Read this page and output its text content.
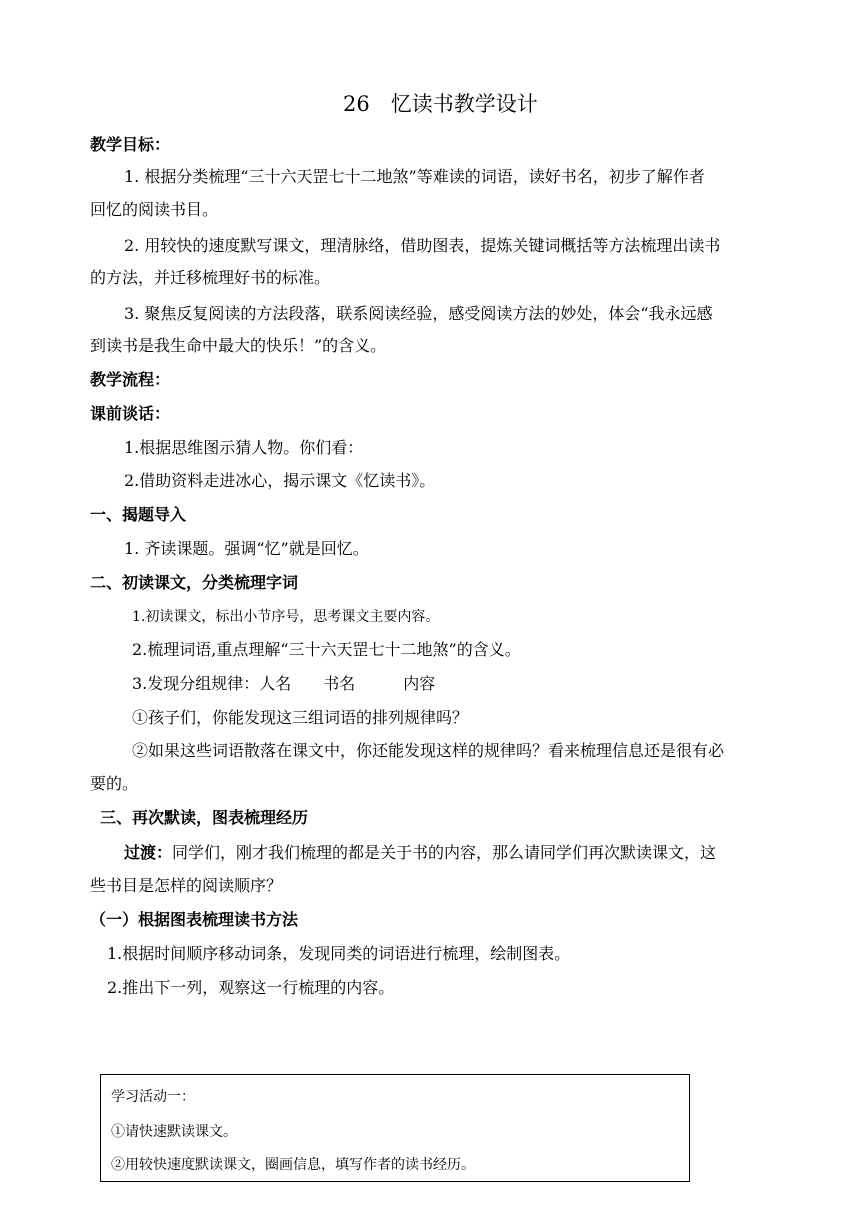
26　忆读书教学设计
教学目标：
1. 根据分类梳理“三十六天罡七十二地煞”等难读的词语，读好书名，初步了解作者
回忆的阅读书目。
2. 用较快的速度默写课文，理清脉络，借助图表，提炼关键词概括等方法梳理出读书
的方法，并迁移梳理好书的标准。
3. 聚焦反复阅读的方法段落，联系阅读经验，感受阅读方法的妙处，体会“我永远感
到读书是我生命中最大的快乐！”的含义。
教学流程：
课前谈话：
1.根据思维图示猜人物。你们看：
2.借助资料走进冰心，揭示课文《忆读书》。
一、揭题导入
1. 齐读课题。强调“忆”就是回忆。
二、初读课文，分类梳理字词
1.初读课文，标出小节序号，思考课文主要内容。
2.梳理词语,重点理解“三十六天罡七十二地煞”的含义。
3.发现分组规律：人名　　书名　　　内容
①孩子们，你能发现这三组词语的排列规律吗？
②如果这些词语散落在课文中，你还能发现这样的规律吗？看来梳理信息还是很有必
要的。
三、再次默读，图表梳理经历
过渡：同学们，刚才我们梳理的都是关于书的内容，那么请同学们再次默读课文，这
些书目是怎样的阅读顺序？
（一）根据图表梳理读书方法
1.根据时间顺序移动词条，发现同类的词语进行梳理，绘制图表。
2.推出下一列，观察这一行梳理的内容。
学习活动一：
①请快速默读课文。
②用较快速度默读课文，圈画信息，填写作者的读书经历。
